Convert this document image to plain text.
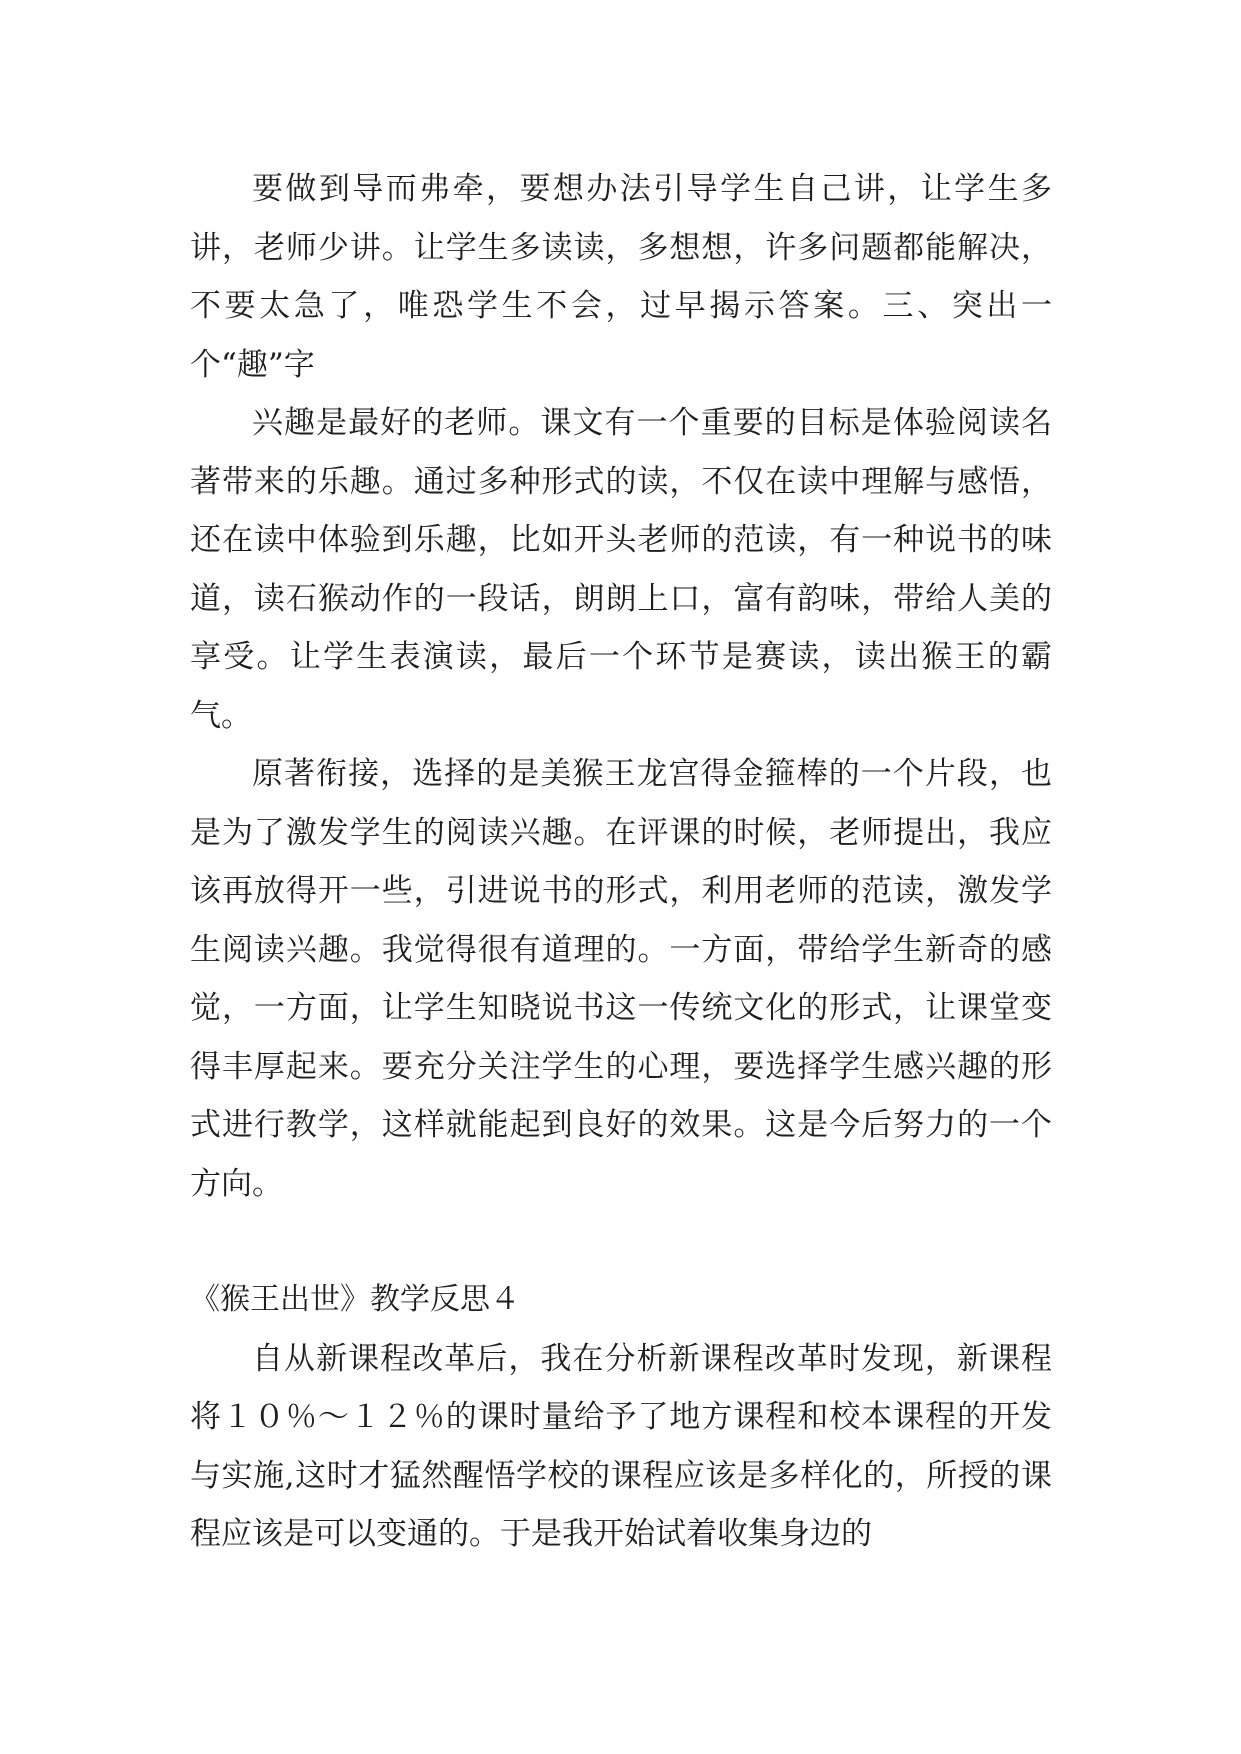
要做到导而弗牵，要想办法引导学生自己讲，让学生多讲，老师少讲。让学生多读读，多想想，许多问题都能解决，不要太急了，唯恐学生不会，过早揭示答案。三、突出一个“趣”字

兴趣是最好的老师。课文有一个重要的目标是体验阅读名著带来的乐趣。通过多种形式的读，不仅在读中理解与感悟，还在读中体验到乐趣，比如开头老师的范读，有一种说书的味道，读石猴动作的一段话，朗朗上口，富有韵味，带给人美的享受。让学生表演读，最后一个环节是赛读，读出猴王的霸气。

原著衔接，选择的是美猴王龙宫得金箍棒的一个片段，也是为了激发学生的阅读兴趣。在评课的时候，老师提出，我应该再放得开一些，引进说书的形式，利用老师的范读，激发学生阅读兴趣。我觉得很有道理的。一方面，带给学生新奇的感觉，一方面，让学生知晓说书这一传统文化的形式，让课堂变得丰厚起来。要充分关注学生的心理，要选择学生感兴趣的形式进行教学，这样就能起到良好的效果。这是今后努力的一个方向。

《猴王出世》教学反思４

自从新课程改革后，我在分析新课程改革时发现，新课程将１０％～１２％的课时量给予了地方课程和校本课程的开发与实施,这时才猛然醒悟学校的课程应该是多样化的，所授的课程应该是可以变通的。于是我开始试着收集身边的
